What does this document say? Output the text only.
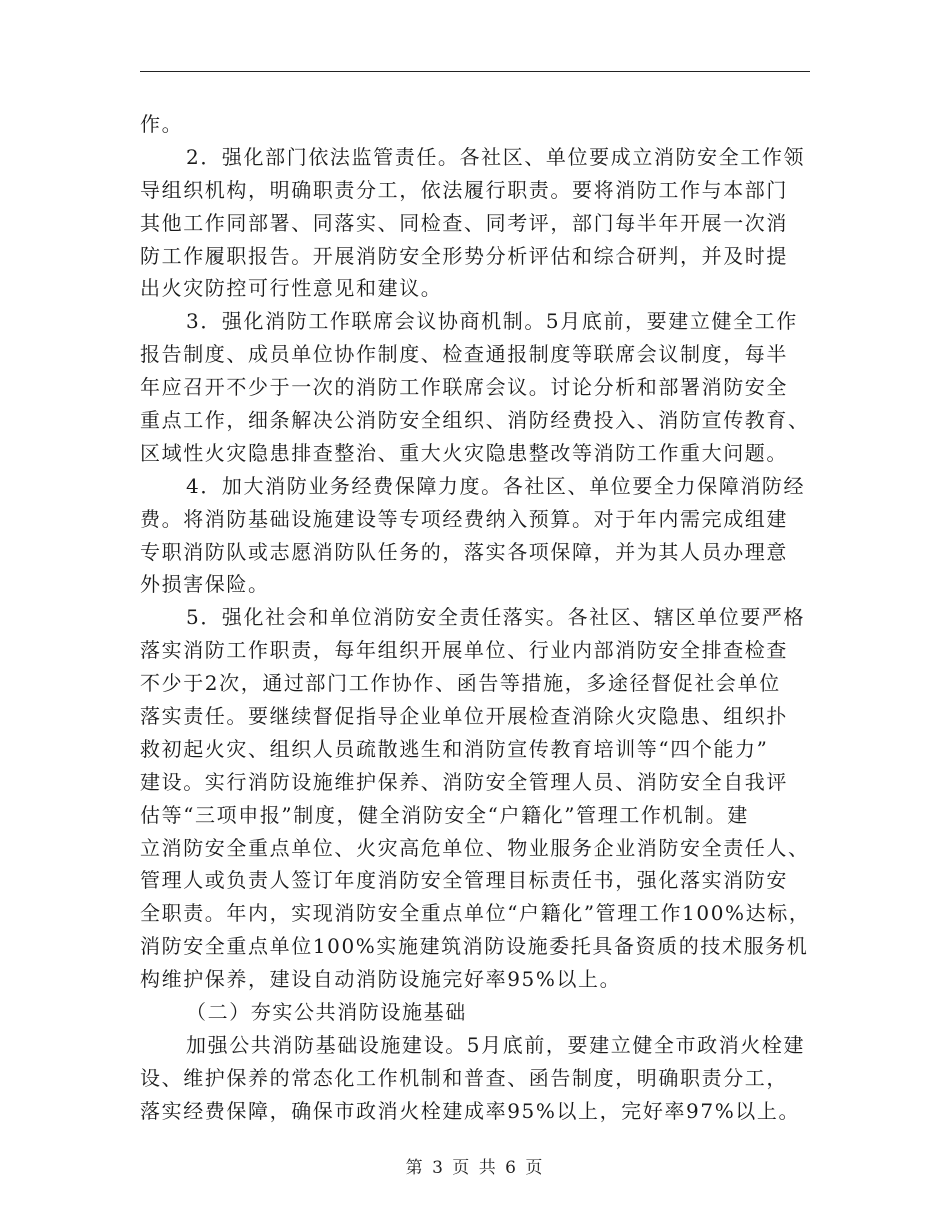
作。
2．强化部门依法监管责任。各社区、单位要成立消防安全工作领
导组织机构，明确职责分工，依法履行职责。要将消防工作与本部门
其他工作同部署、同落实、同检查、同考评，部门每半年开展一次消
防工作履职报告。开展消防安全形势分析评估和综合研判，并及时提
出火灾防控可行性意见和建议。
3．强化消防工作联席会议协商机制。5月底前，要建立健全工作
报告制度、成员单位协作制度、检查通报制度等联席会议制度，每半
年应召开不少于一次的消防工作联席会议。讨论分析和部署消防安全
重点工作，细条解决公消防安全组织、消防经费投入、消防宣传教育、
区域性火灾隐患排查整治、重大火灾隐患整改等消防工作重大问题。
4．加大消防业务经费保障力度。各社区、单位要全力保障消防经
费。将消防基础设施建设等专项经费纳入预算。对于年内需完成组建
专职消防队或志愿消防队任务的，落实各项保障，并为其人员办理意
外损害保险。
5．强化社会和单位消防安全责任落实。各社区、辖区单位要严格
落实消防工作职责，每年组织开展单位、行业内部消防安全排查检查
不少于2次，通过部门工作协作、函告等措施，多途径督促社会单位
落实责任。要继续督促指导企业单位开展检查消除火灾隐患、组织扑
救初起火灾、组织人员疏散逃生和消防宣传教育培训等“四个能力”
建设。实行消防设施维护保养、消防安全管理人员、消防安全自我评
估等“三项申报”制度，健全消防安全“户籍化”管理工作机制。建
立消防安全重点单位、火灾高危单位、物业服务企业消防安全责任人、
管理人或负责人签订年度消防安全管理目标责任书，强化落实消防安
全职责。年内，实现消防安全重点单位“户籍化”管理工作100%达标，
消防安全重点单位100%实施建筑消防设施委托具备资质的技术服务机
构维护保养，建设自动消防设施完好率95%以上。
（二）夯实公共消防设施基础
加强公共消防基础设施建设。5月底前，要建立健全市政消火栓建
设、维护保养的常态化工作机制和普查、函告制度，明确职责分工，
落实经费保障，确保市政消火栓建成率95%以上，完好率97%以上。
第 3 页 共 6 页
